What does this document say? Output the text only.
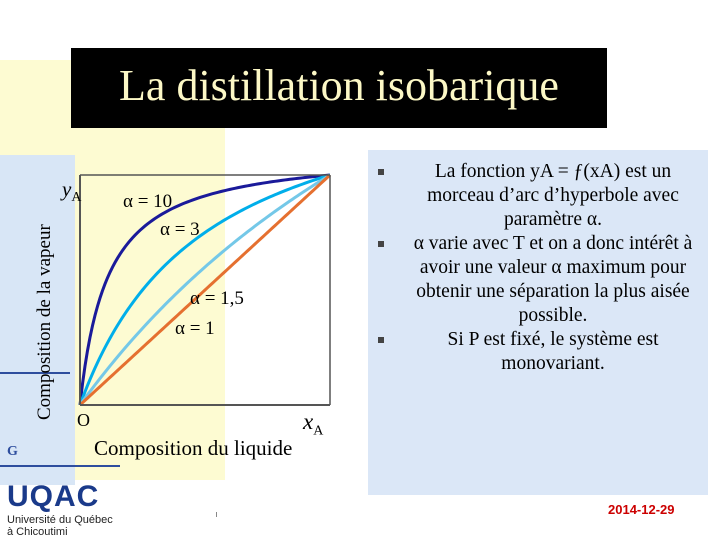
La distillation isobarique
Composition de la vapeur
α = 10
α = 3
α = 1,5
α = 1
$y_A$
$x_A$
O
Composition du liquide
La fonction yA = ƒ(xA) est un morceau d’arc d’hyperbole avec paramètre α.
α varie avec T et on a donc intérêt à avoir une valeur α maximum pour obtenir une séparation la plus aisée possible.
Si P est fixé, le système est monovariant.
G
UQAC
Université du Québec
à Chicoutimi
2014-12-29
